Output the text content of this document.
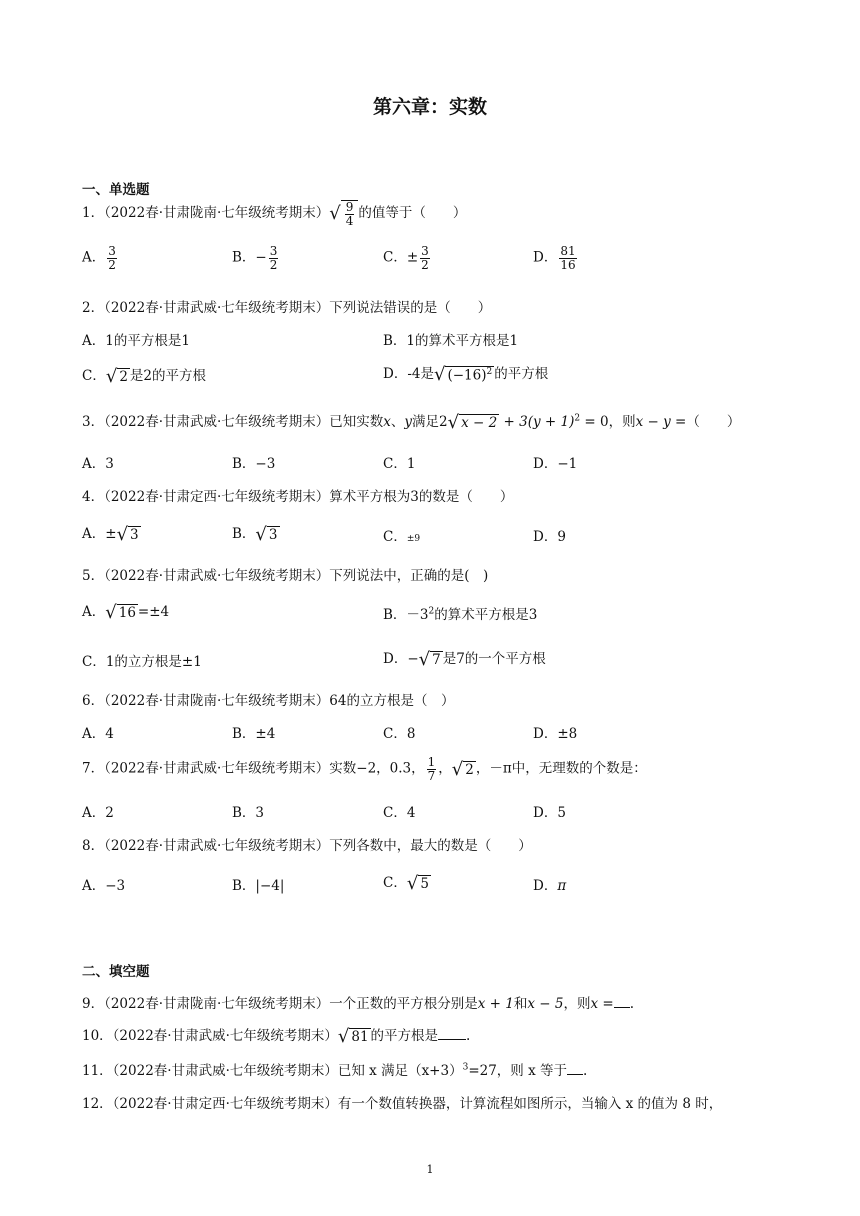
第六章：实数
一、单选题
1．（2022春·甘肃陇南·七年级统考期末）√ $\frac{9}{4}$ 的值等于（　　）
A． $\frac{3}{2}$	B．− $\frac{3}{2}$	C．± $\frac{3}{2}$	D． $\frac{81}{16}$
2．（2022春·甘肃武威·七年级统考期末）下列说法错误的是（　　）
A．1的平方根是1	B．1的算术平方根是1
C．√ 2 是2的平方根	D．-4是√ $(-16)^2$ 的平方根
3．（2022春·甘肃武威·七年级统考期末）已知实数x、y满足2√ $x - 2 + 3(y + 1)^2 = 0$，则x − y =（　　）
A．3	B．−3	C．1	D．−1
4．（2022春·甘肃定西·七年级统考期末）算术平方根为3的数是（　　）
A．±√ 3	B．√ 3	C．±9	D．9
5．（2022春·甘肃武威·七年级统考期末）下列说法中，正确的是(　)
A．√ 16 =±4	B．$-3^2$的算术平方根是3
C．1的立方根是±1	D．−√ 7 是7的一个平方根
6．（2022春·甘肃陇南·七年级统考期末）64的立方根是（　）
A．4	B．±4	C．8	D．±8
7．（2022春·甘肃武威·七年级统考期末）实数−2，0.3， $\frac{1}{7}$ ，√ 2 ，－π中，无理数的个数是：
A．2	B．3	C．4	D．5
8．（2022春·甘肃武威·七年级统考期末）下列各数中，最大的数是（　　）
A．−3	B．|−4|	C．√ 5	D．π
二、填空题
9．（2022春·甘肃陇南·七年级统考期末）一个正数的平方根分别是x + 1和x − 5，则x = .
10．（2022春·甘肃武威·七年级统考期末）√ 81 的平方根是 .
11．（2022春·甘肃武威·七年级统考期末）已知 x 满足$(x+3)^3=27$，则 x 等于 .
12．（2022春·甘肃定西·七年级统考期末）有一个数值转换器，计算流程如图所示，当输入 x 的值为 8 时，
1
